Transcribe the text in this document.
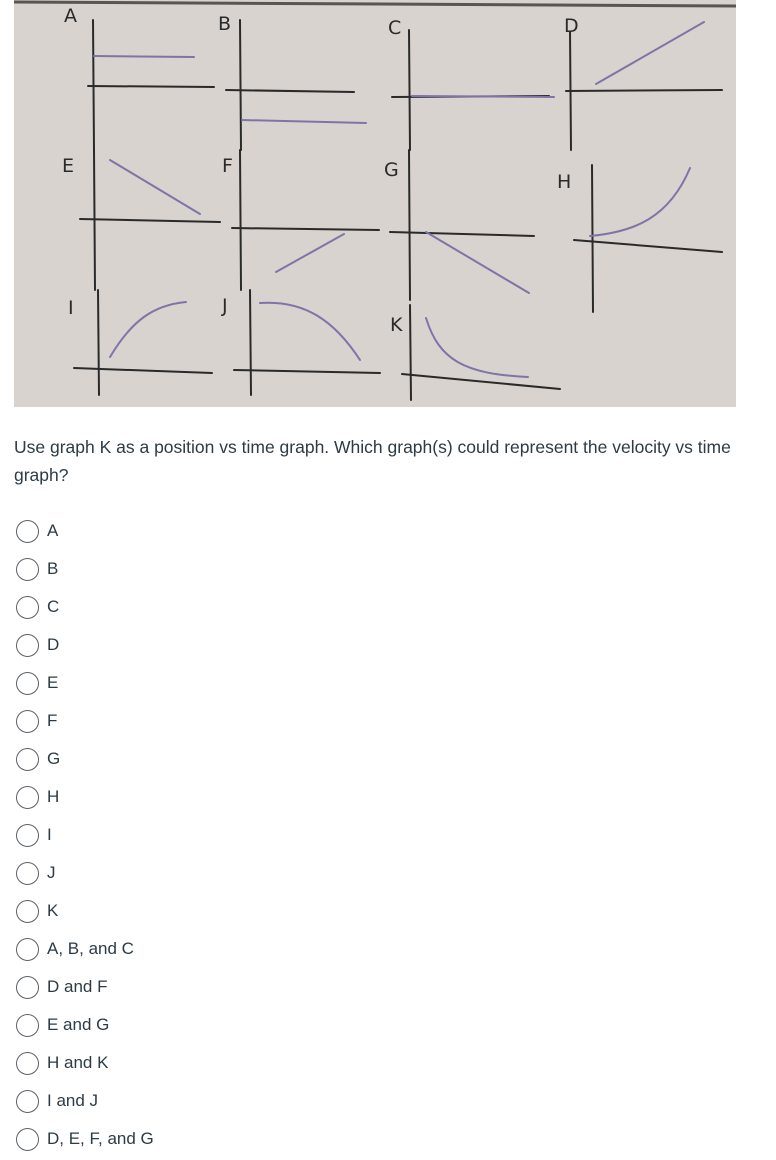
A	B	C	D
E	F	G
H
I	J
K

Use graph K as a position vs time graph. Which graph(s) could represent the velocity vs time graph?

A
B
C
D
E
F
G
H
I
J
K
A, B, and C
D and F
E and G
H and K
I and J
D, E, F, and G
